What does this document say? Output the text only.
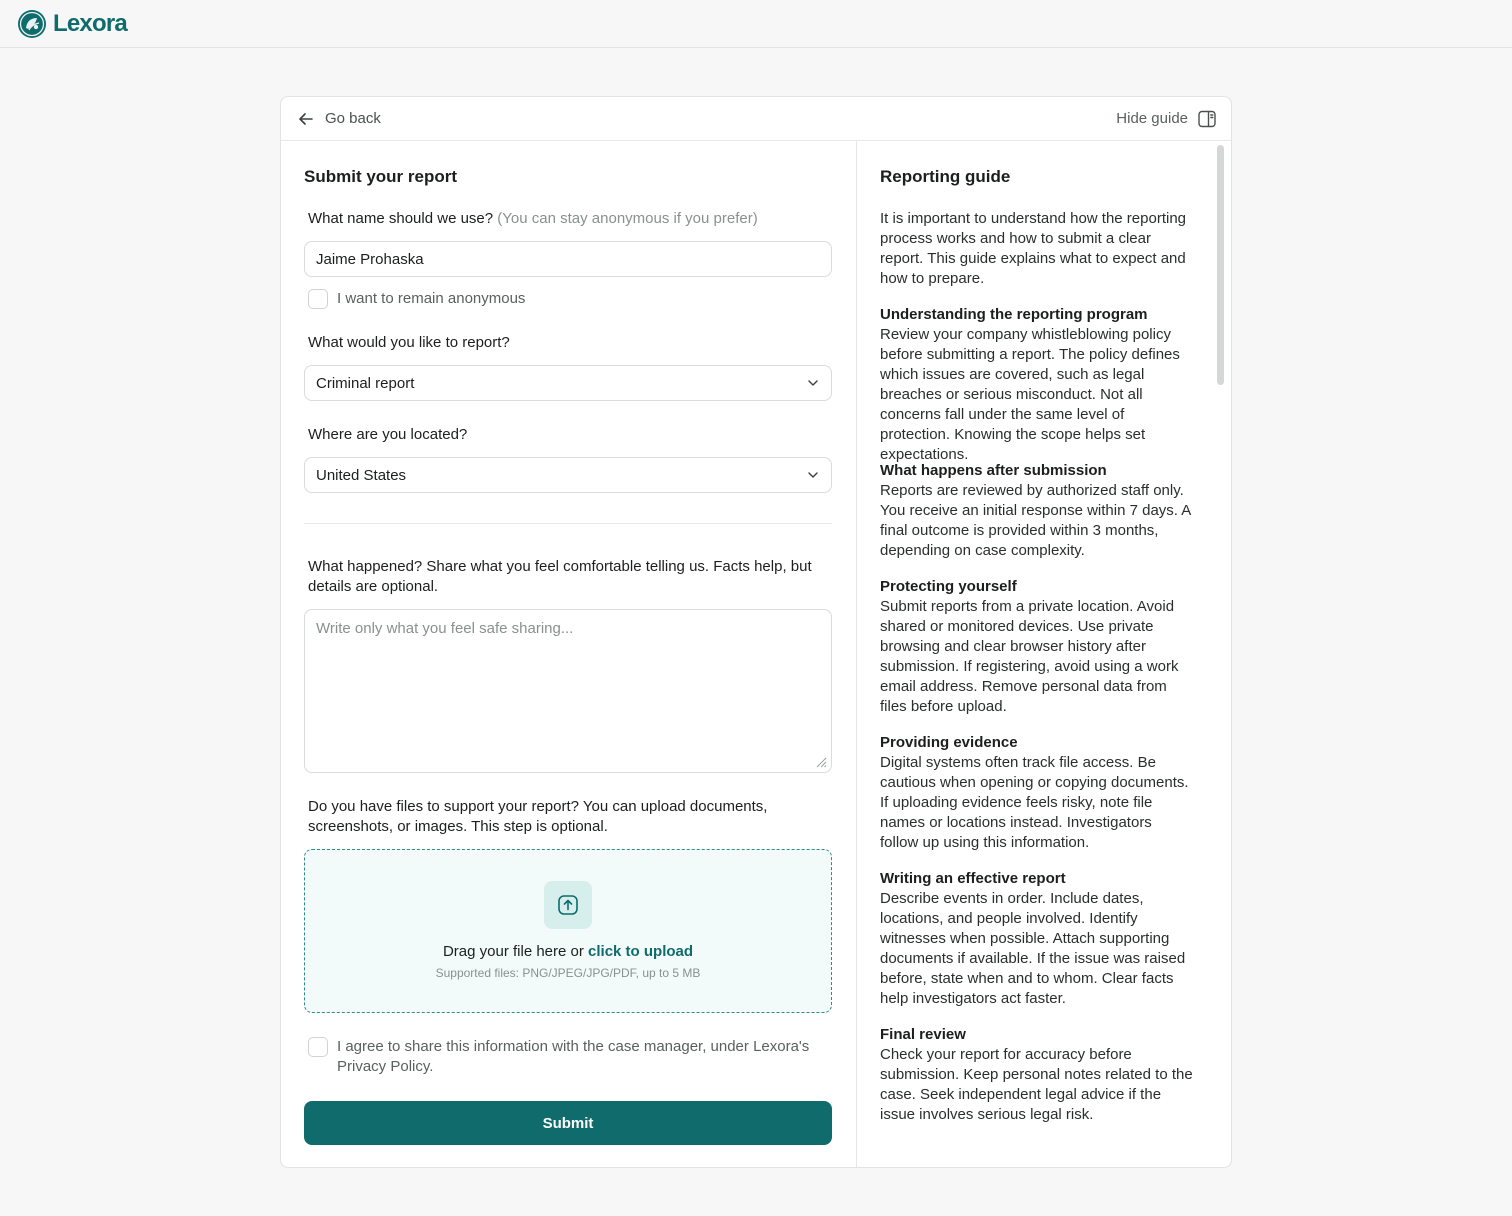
Lexora
Go back	Hide guide
Submit your report
What name should we use? (You can stay anonymous if you prefer)
Jaime Prohaska
I want to remain anonymous
What would you like to report?
Criminal report
Where are you located?
United States
What happened? Share what you feel comfortable telling us. Facts help, but details are optional.
Write only what you feel safe sharing...
Do you have files to support your report? You can upload documents, screenshots, or images. This step is optional.
Drag your file here or click to upload
Supported files: PNG/JPEG/JPG/PDF, up to 5 MB
I agree to share this information with the case manager, under Lexora's Privacy Policy.
Submit
Reporting guide
It is important to understand how the reporting process works and how to submit a clear report. This guide explains what to expect and how to prepare.
Understanding the reporting program
Review your company whistleblowing policy before submitting a report. The policy defines which issues are covered, such as legal breaches or serious misconduct. Not all concerns fall under the same level of protection. Knowing the scope helps set expectations.
What happens after submission
Reports are reviewed by authorized staff only. You receive an initial response within 7 days. A final outcome is provided within 3 months, depending on case complexity.
Protecting yourself
Submit reports from a private location. Avoid shared or monitored devices. Use private browsing and clear browser history after submission. If registering, avoid using a work email address. Remove personal data from files before upload.
Providing evidence
Digital systems often track file access. Be cautious when opening or copying documents. If uploading evidence feels risky, note file names or locations instead. Investigators follow up using this information.
Writing an effective report
Describe events in order. Include dates, locations, and people involved. Identify witnesses when possible. Attach supporting documents if available. If the issue was raised before, state when and to whom. Clear facts help investigators act faster.
Final review
Check your report for accuracy before submission. Keep personal notes related to the case. Seek independent legal advice if the issue involves serious legal risk.
